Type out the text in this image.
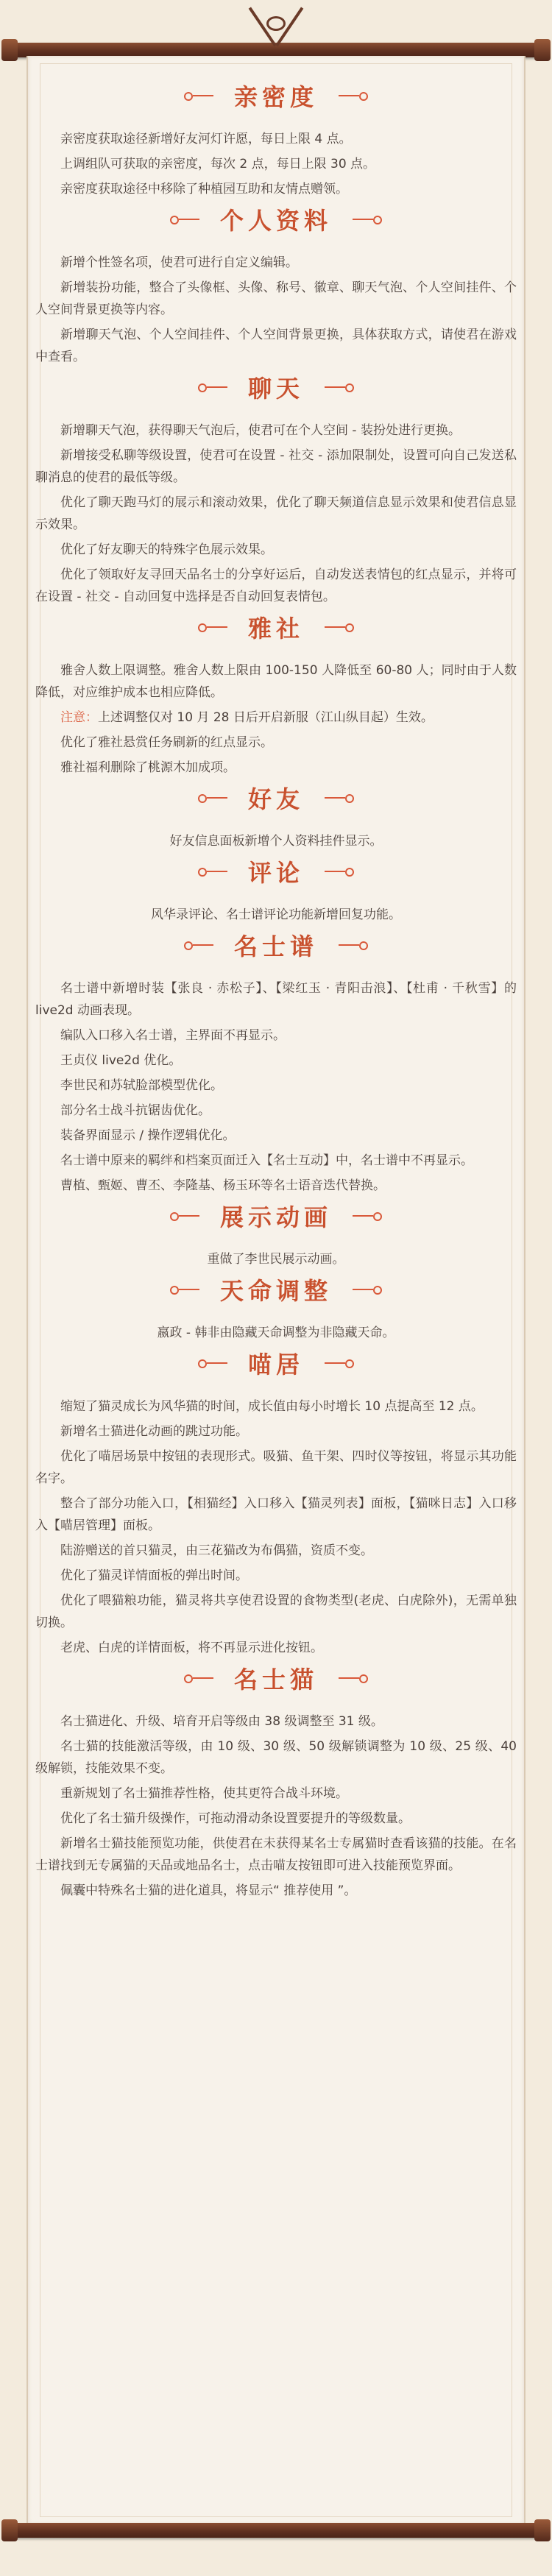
亲密度

亲密度获取途径新增好友河灯许愿，每日上限 4 点。

上调组队可获取的亲密度，每次 2 点，每日上限 30 点。

亲密度获取途径中移除了种植园互助和友情点赠领。

个人资料

新增个性签名项，使君可进行自定义编辑。

新增装扮功能，整合了头像框、头像、称号、徽章、聊天气泡、个人空间挂件、个人空间背景更换等内容。

新增聊天气泡、个人空间挂件、个人空间背景更换，具体获取方式，请使君在游戏中查看。

聊天

新增聊天气泡，获得聊天气泡后，使君可在个人空间 - 装扮处进行更换。

新增接受私聊等级设置，使君可在设置 - 社交 - 添加限制处，设置可向自己发送私聊消息的使君的最低等级。

优化了聊天跑马灯的展示和滚动效果，优化了聊天频道信息显示效果和使君信息显示效果。

优化了好友聊天的特殊字色展示效果。

优化了领取好友寻回天品名士的分享好运后，自动发送表情包的红点显示，并将可在设置 - 社交 - 自动回复中选择是否自动回复表情包。

雅社

雅舍人数上限调整。雅舍人数上限由 100-150 人降低至 60-80 人；同时由于人数降低，对应维护成本也相应降低。

注意：上述调整仅对 10 月 28 日后开启新服（江山纵目起）生效。

优化了雅社悬赏任务刷新的红点显示。

雅社福利删除了桃源木加成项。

好友

好友信息面板新增个人资料挂件显示。

评论

风华录评论、名士谱评论功能新增回复功能。

名士谱

名士谱中新增时装【张良 · 赤松子】、【梁红玉 · 青阳击浪】、【杜甫 · 千秋雪】的 live2d 动画表现。

编队入口移入名士谱，主界面不再显示。

王贞仪 live2d 优化。

李世民和苏轼脸部模型优化。

部分名士战斗抗锯齿优化。

装备界面显示 / 操作逻辑优化。

名士谱中原来的羁绊和档案页面迁入【名士互动】中，名士谱中不再显示。

曹植、甄姬、曹丕、李隆基、杨玉环等名士语音迭代替换。

展示动画

重做了李世民展示动画。

天命调整

嬴政 - 韩非由隐藏天命调整为非隐藏天命。

喵居

缩短了猫灵成长为风华猫的时间，成长值由每小时增长 10 点提高至 12 点。

新增名士猫进化动画的跳过功能。

优化了喵居场景中按钮的表现形式。吸猫、鱼干架、四时仪等按钮，将显示其功能名字。

整合了部分功能入口，【相猫经】入口移入【猫灵列表】面板，【猫咪日志】入口移入【喵居管理】面板。

陆游赠送的首只猫灵，由三花猫改为布偶猫，资质不变。

优化了猫灵详情面板的弹出时间。

优化了喂猫粮功能，猫灵将共享使君设置的食物类型(老虎、白虎除外)，无需单独切换。

老虎、白虎的详情面板，将不再显示进化按钮。

名士猫

名士猫进化、升级、培育开启等级由 38 级调整至 31 级。

名士猫的技能激活等级，由 10 级、30 级、50 级解锁调整为 10 级、25 级、40 级解锁，技能效果不变。

重新规划了名士猫推荐性格，使其更符合战斗环境。

优化了名士猫升级操作，可拖动滑动条设置要提升的等级数量。

新增名士猫技能预览功能，供使君在未获得某名士专属猫时查看该猫的技能。在名士谱找到无专属猫的天品或地品名士，点击喵友按钮即可进入技能预览界面。

佩囊中特殊名士猫的进化道具，将显示“ 推荐使用 ”。
